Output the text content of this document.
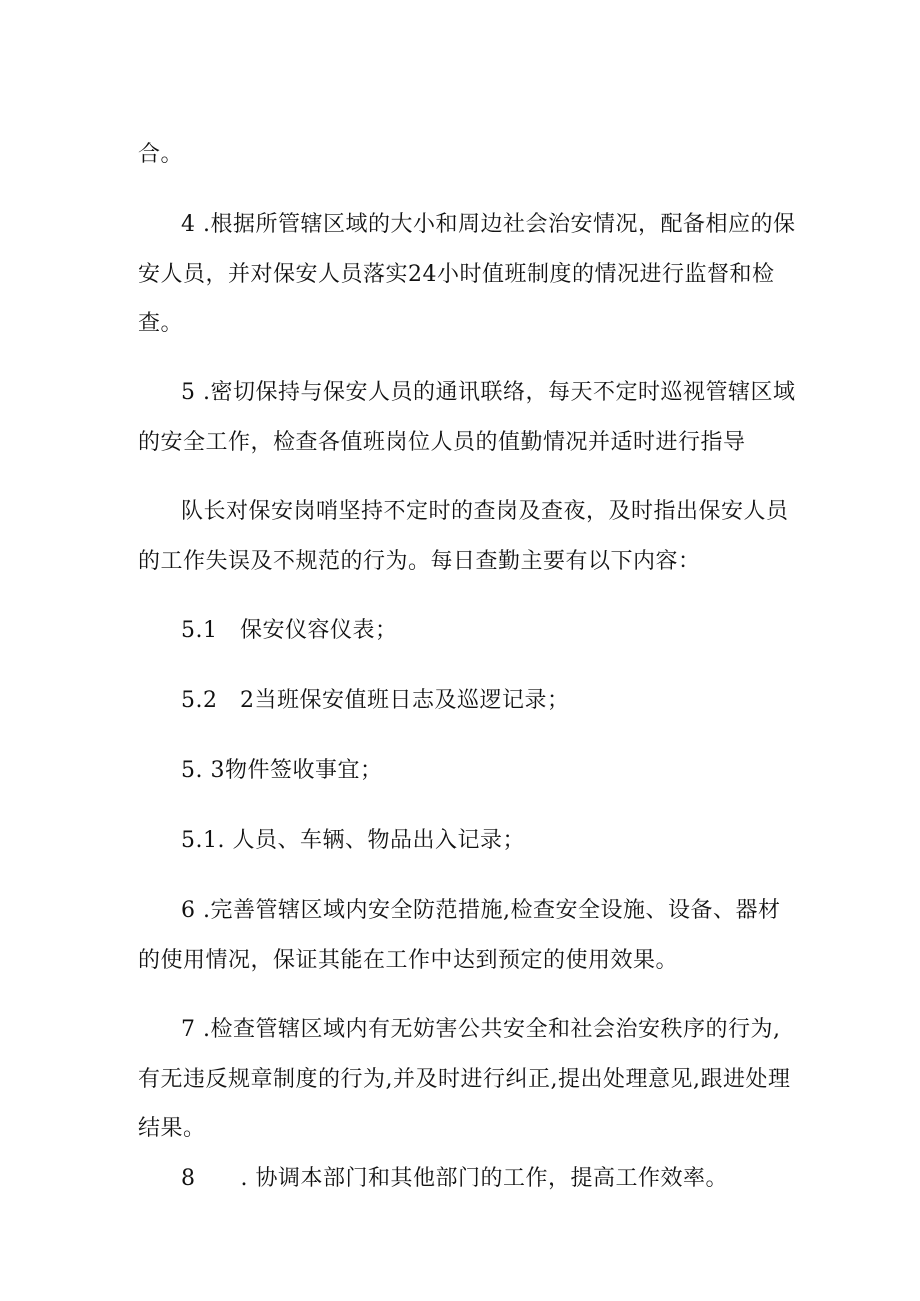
合。
4 .根据所管辖区域的大小和周边社会治安情况，配备相应的保
安人员，并对保安人员落实24小时值班制度的情况进行监督和检
查。
5 .密切保持与保安人员的通讯联络，每天不定时巡视管辖区域
的安全工作，检查各值班岗位人员的值勤情况并适时进行指导
队长对保安岗哨坚持不定时的查岗及查夜，及时指出保安人员
的工作失误及不规范的行为。每日查勤主要有以下内容：
5.1　保安仪容仪表；
5.2　2当班保安值班日志及巡逻记录；
5. 3物件签收事宜；
5.1. 人员、车辆、物品出入记录；
6 .完善管辖区域内安全防范措施,检查安全设施、设备、器材
的使用情况，保证其能在工作中达到预定的使用效果。
7 .检查管辖区域内有无妨害公共安全和社会治安秩序的行为,
有无违反规章制度的行为,并及时进行纠正,提出处理意见,跟进处理
结果。
8　　. 协调本部门和其他部门的工作，提高工作效率。
